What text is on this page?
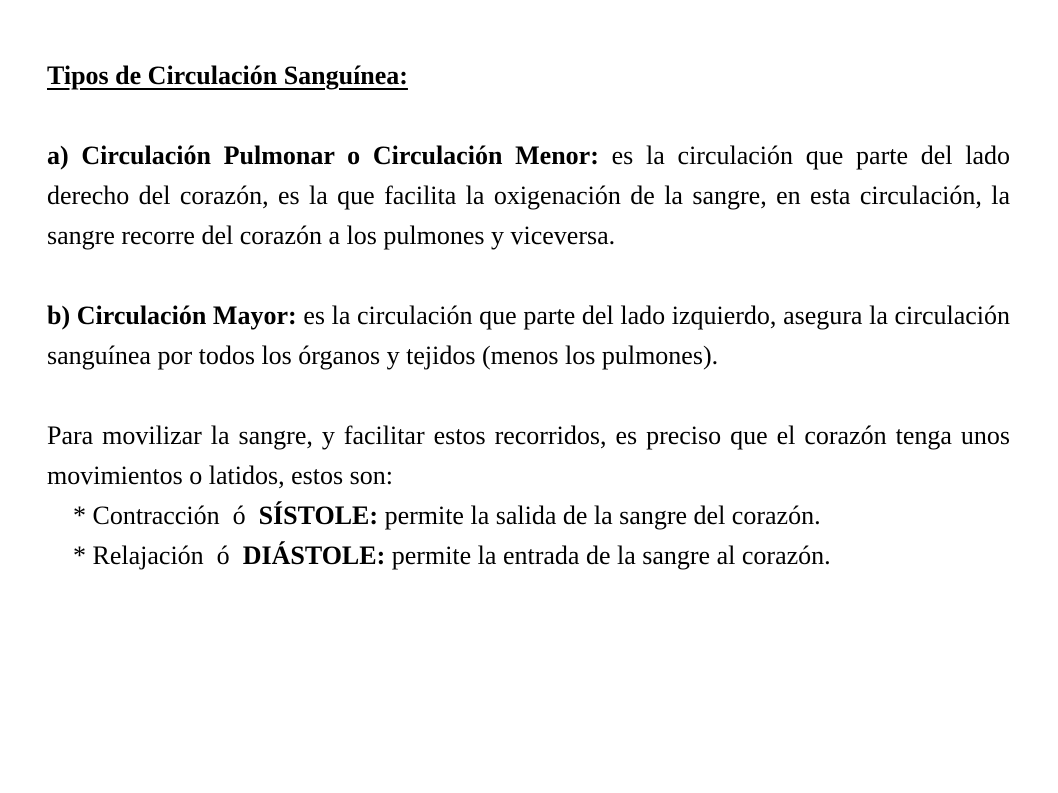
Tipos de Circulación Sanguínea:

a) Circulación Pulmonar o Circulación Menor: es la circulación que parte del lado derecho del corazón, es la que facilita la oxigenación de la sangre, en esta circulación, la sangre recorre del corazón a los pulmones y viceversa.

b) Circulación Mayor: es la circulación que parte del lado izquierdo, asegura la circulación sanguínea por todos los órganos y tejidos (menos los pulmones).

Para movilizar la sangre, y facilitar estos recorridos, es preciso que el corazón tenga unos movimientos o latidos, estos son:

* Contracción  ó  SÍSTOLE: permite la salida de la sangre del corazón.

* Relajación  ó  DIÁSTOLE: permite la entrada de la sangre al corazón.
